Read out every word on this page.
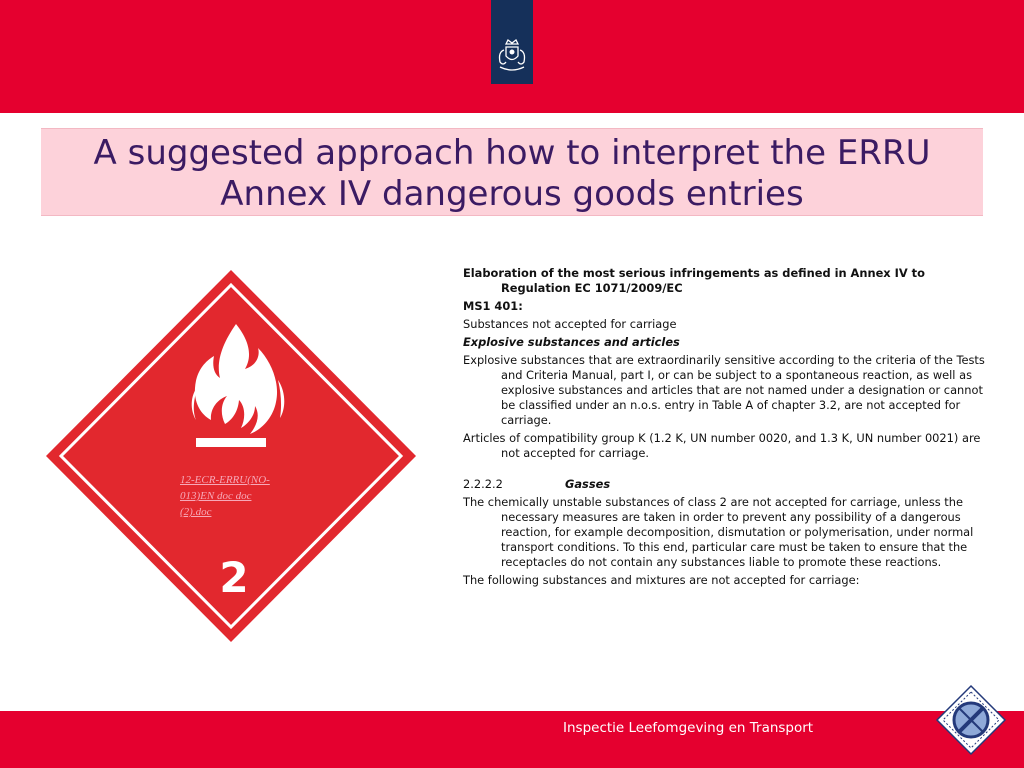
A suggested approach how to interpret the ERRU Annex IV dangerous goods entries
2
12-ECR-ERRU(NO-013)EN doc doc (2).doc

Elaboration of the most serious infringements as defined in Annex IV to Regulation EC 1071/2009/EC

MS1 401:

Substances not accepted for carriage

Explosive substances and articles

Explosive substances that are extraordinarily sensitive according to the criteria of the Tests and Criteria Manual, part I, or can be subject to a spontaneous reaction, as well as explosive substances and articles that are not named under a designation or cannot be classified under an n.o.s. entry in Table A of chapter 3.2, are not accepted for carriage.

Articles of compatibility group K (1.2 K, UN number 0020, and 1.3 K, UN number 0021) are not accepted for carriage.

2.2.2.2	Gasses

The chemically unstable substances of class 2 are not accepted for carriage, unless the necessary measures are taken in order to prevent any possibility of a dangerous reaction, for example decomposition, dismutation or polymerisation, under normal transport conditions. To this end, particular care must be taken to ensure that the receptacles do not contain any substances liable to promote these reactions.

The following substances and mixtures are not accepted for carriage:

Inspectie Leefomgeving en Transport
